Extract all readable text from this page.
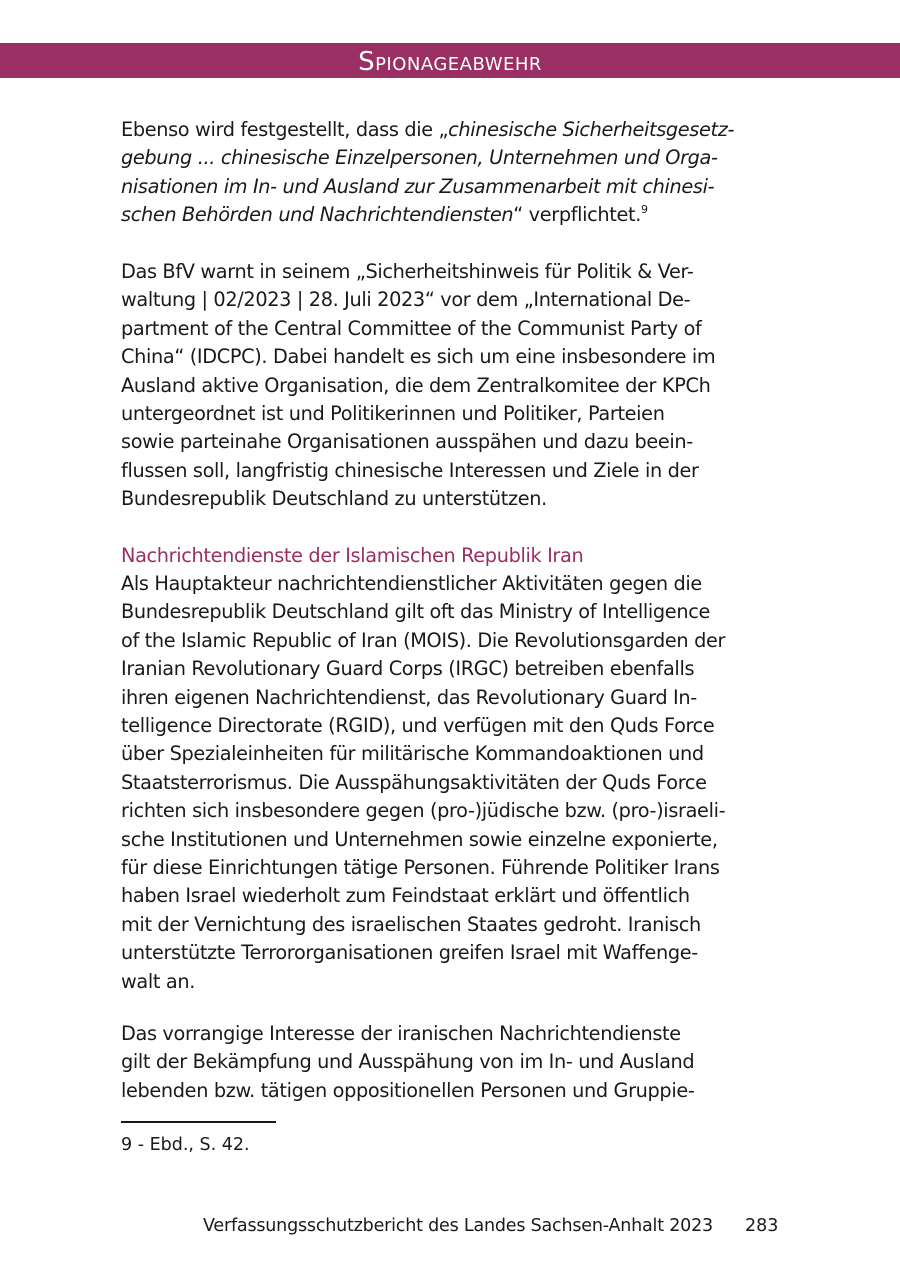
Spionageabwehr

Ebenso wird festgestellt, dass die „chinesische Sicherheitsgesetz-
gebung ... chinesische Einzelpersonen, Unternehmen und Orga-
nisationen im In- und Ausland zur Zusammenarbeit mit chinesi-
schen Behörden und Nachrichtendiensten“ verpflichtet.$^9$

Das BfV warnt in seinem „Sicherheitshinweis für Politik & Ver-
waltung | 02/2023 | 28. Juli 2023“ vor dem „International De-
partment of the Central Committee of the Communist Party of
China“ (IDCPC). Dabei handelt es sich um eine insbesondere im
Ausland aktive Organisation, die dem Zentralkomitee der KPCh
untergeordnet ist und Politikerinnen und Politiker, Parteien
sowie parteinahe Organisationen ausspähen und dazu beein-
flussen soll, langfristig chinesische Interessen und Ziele in der
Bundesrepublik Deutschland zu unterstützen.

Nachrichtendienste der Islamischen Republik Iran

Als Hauptakteur nachrichtendienstlicher Aktivitäten gegen die
Bundesrepublik Deutschland gilt oft das Ministry of Intelligence
of the Islamic Republic of Iran (MOIS). Die Revolutionsgarden der
Iranian Revolutionary Guard Corps (IRGC) betreiben ebenfalls
ihren eigenen Nachrichtendienst, das Revolutionary Guard In-
telligence Directorate (RGID), und verfügen mit den Quds Force
über Spezialeinheiten für militärische Kommandoaktionen und
Staatsterrorismus. Die Ausspähungsaktivitäten der Quds Force
richten sich insbesondere gegen (pro-)jüdische bzw. (pro-)israeli-
sche Institutionen und Unternehmen sowie einzelne exponierte,
für diese Einrichtungen tätige Personen. Führende Politiker Irans
haben Israel wiederholt zum Feindstaat erklärt und öffentlich
mit der Vernichtung des israelischen Staates gedroht. Iranisch
unterstützte Terrororganisationen greifen Israel mit Waffenge-
walt an.

Das vorrangige Interesse der iranischen Nachrichtendienste
gilt der Bekämpfung und Ausspähung von im In- und Ausland
lebenden bzw. tätigen oppositionellen Personen und Gruppie-

9 - Ebd., S. 42.
Verfassungsschutzbericht des Landes Sachsen-Anhalt 2023 283
